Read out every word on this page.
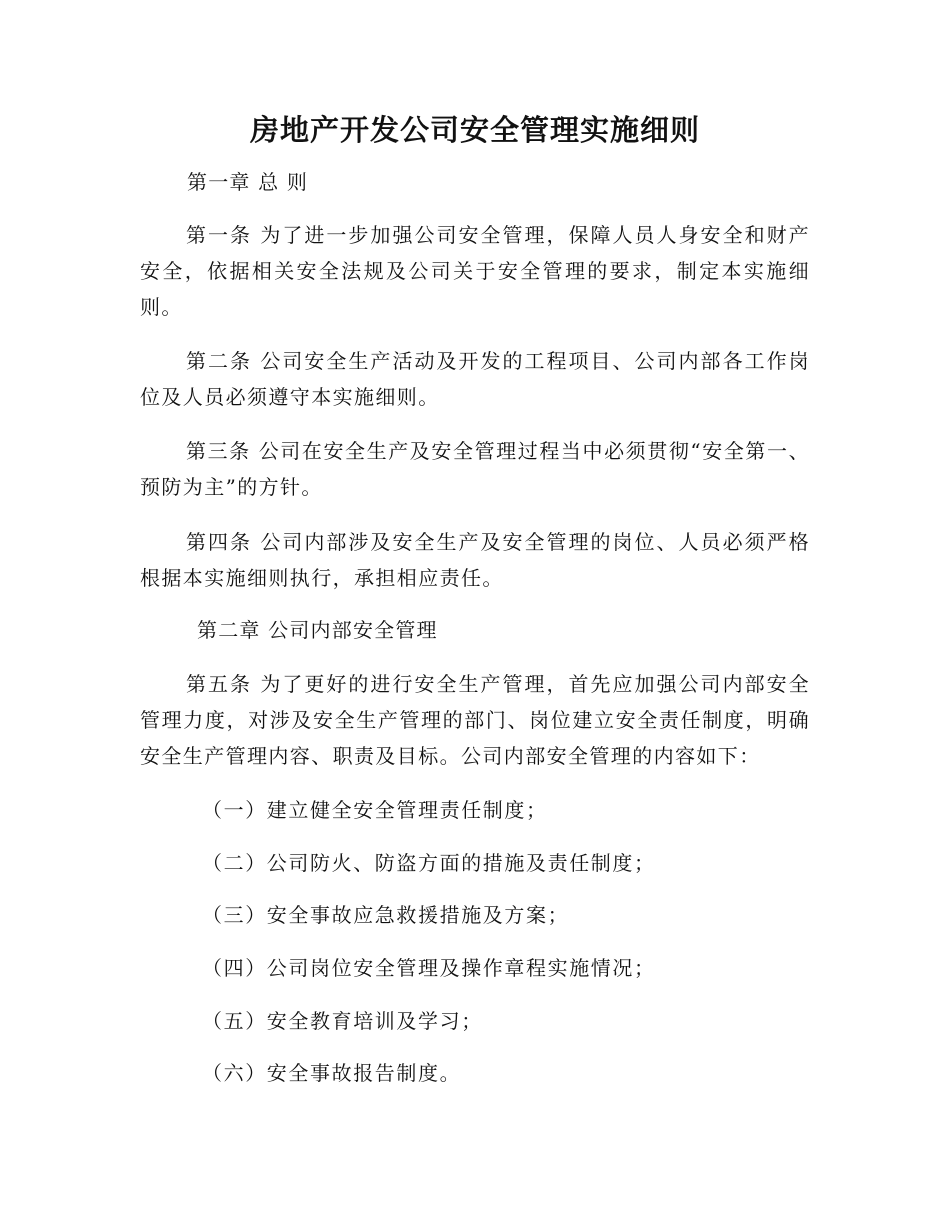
房地产开发公司安全管理实施细则

第一章 总 则

第一条 为了进一步加强公司安全管理，保障人员人身安全和财产安全，依据相关安全法规及公司关于安全管理的要求，制定本实施细则。

第二条 公司安全生产活动及开发的工程项目、公司内部各工作岗位及人员必须遵守本实施细则。

第三条 公司在安全生产及安全管理过程当中必须贯彻“安全第一、预防为主”的方针。

第四条 公司内部涉及安全生产及安全管理的岗位、人员必须严格根据本实施细则执行，承担相应责任。

第二章 公司内部安全管理

第五条 为了更好的进行安全生产管理，首先应加强公司内部安全管理力度，对涉及安全生产管理的部门、岗位建立安全责任制度，明确安全生产管理内容、职责及目标。公司内部安全管理的内容如下：

（一）建立健全安全管理责任制度；

（二）公司防火、防盗方面的措施及责任制度；

（三）安全事故应急救援措施及方案；

（四）公司岗位安全管理及操作章程实施情况；

（五）安全教育培训及学习；

（六）安全事故报告制度。
